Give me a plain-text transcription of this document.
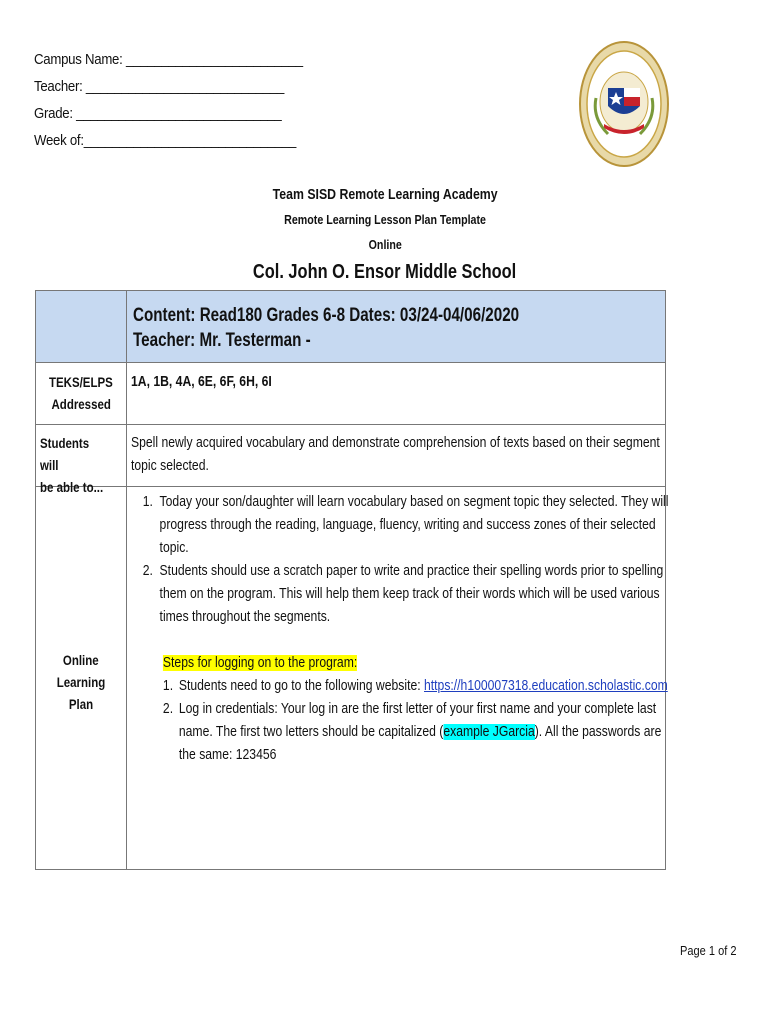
Campus Name: _________________________
Teacher: ____________________________
Grade: _____________________________
Week of:______________________________
Team SISD Remote Learning Academy
Remote Learning Lesson Plan Template
Online
Col. John O. Ensor Middle School
Content: Read180 Grades 6-8 Dates: 03/24-04/06/2020
Teacher: Mr. Testerman -
TEKS/ELPS
Addressed
1A, 1B, 4A, 6E, 6F, 6H, 6I
Students will
be able to...
Spell newly acquired vocabulary and demonstrate comprehension of texts based on their segment topic selected.
Online
Learning Plan
1. Today your son/daughter will learn vocabulary based on segment topic they selected. They will progress through the reading, language, fluency, writing and success zones of their selected topic.
2. Students should use a scratch paper to write and practice their spelling words prior to spelling them on the program. This will help them keep track of their words which will be used various times throughout the segments.
Steps for logging on to the program:
1. Students need to go to the following website: https://h100007318.education.scholastic.com
2. Log in credentials: Your log in are the first letter of your first name and your complete last name. The first two letters should be capitalized (example JGarcia). All the passwords are the same: 123456
Page 1 of 2
